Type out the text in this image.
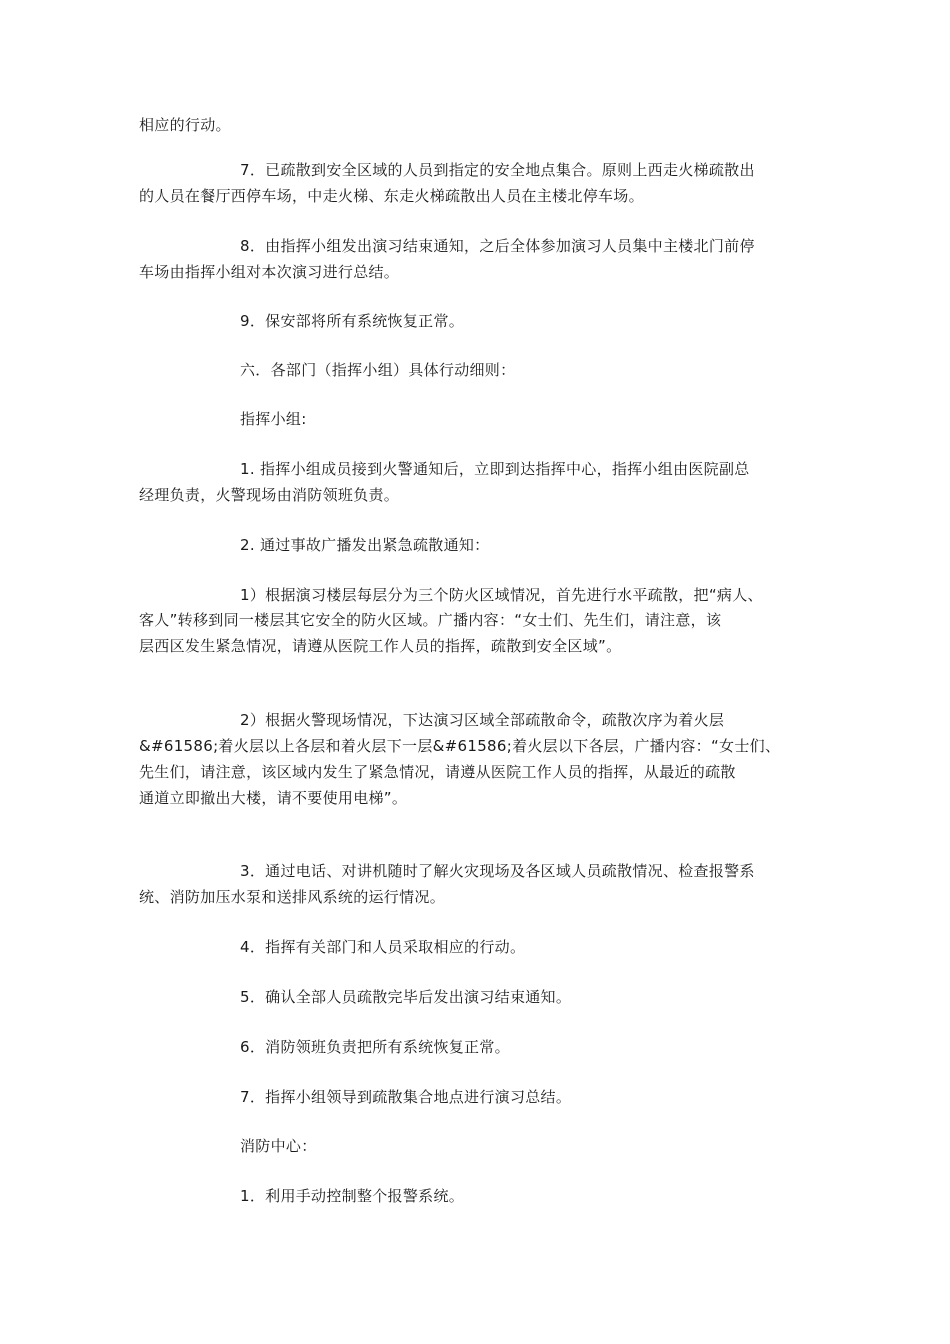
相应的行动。
7．已疏散到安全区域的人员到指定的安全地点集合。原则上西走火梯疏散出
的人员在餐厅西停车场，中走火梯、东走火梯疏散出人员在主楼北停车场。
8．由指挥小组发出演习结束通知，之后全体参加演习人员集中主楼北门前停
车场由指挥小组对本次演习进行总结。
9．保安部将所有系统恢复正常。
六．各部门（指挥小组）具体行动细则：
指挥小组:
1. 指挥小组成员接到火警通知后，立即到达指挥中心，指挥小组由医院副总
经理负责，火警现场由消防领班负责。
2. 通过事故广播发出紧急疏散通知：
1）根据演习楼层每层分为三个防火区域情况，首先进行水平疏散，把“病人、
客人”转移到同一楼层其它安全的防火区域。广播内容：“女士们、先生们，请注意，该
层西区发生紧急情况，请遵从医院工作人员的指挥，疏散到安全区域”。
2）根据火警现场情况，下达演习区域全部疏散命令，疏散次序为着火层
&#61586;着火层以上各层和着火层下一层&#61586;着火层以下各层，广播内容：“女士们、
先生们，请注意，该区域内发生了紧急情况，请遵从医院工作人员的指挥，从最近的疏散
通道立即撤出大楼，请不要使用电梯”。
3．通过电话、对讲机随时了解火灾现场及各区域人员疏散情况、检查报警系
统、消防加压水泵和送排风系统的运行情况。
4．指挥有关部门和人员采取相应的行动。
5．确认全部人员疏散完毕后发出演习结束通知。
6．消防领班负责把所有系统恢复正常。
7．指挥小组领导到疏散集合地点进行演习总结。
消防中心：
1．利用手动控制整个报警系统。
